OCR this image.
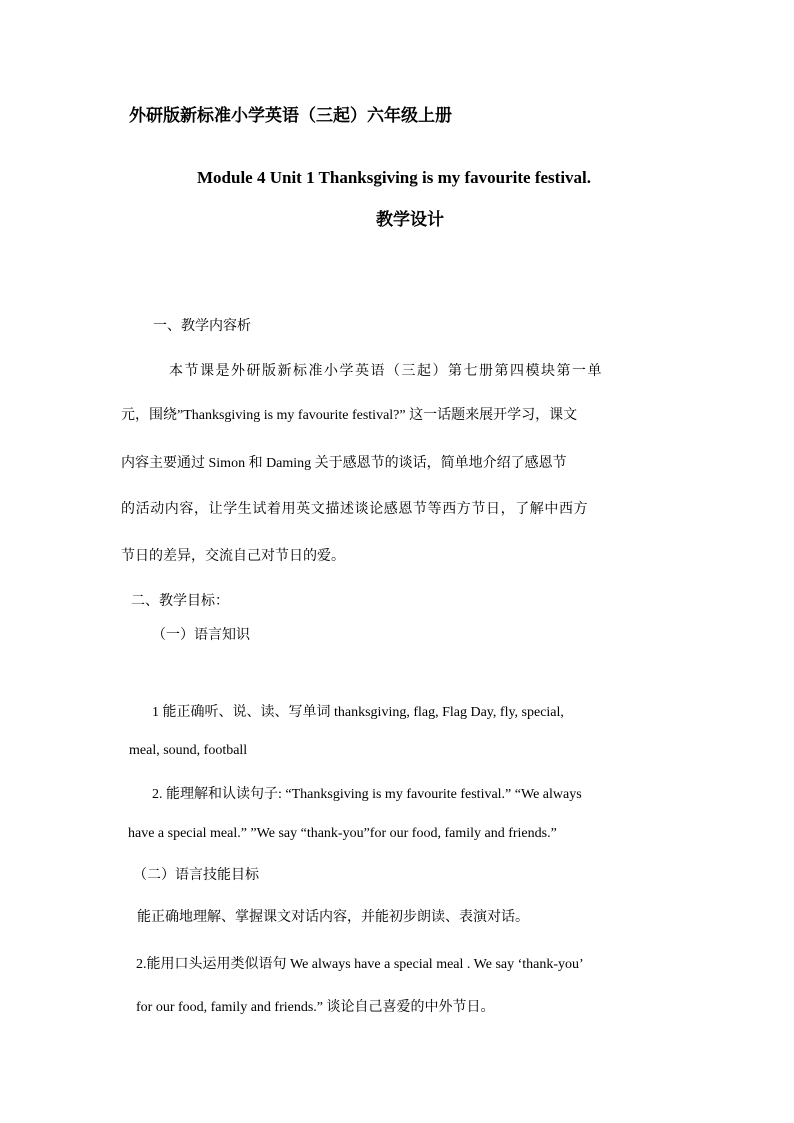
外研版新标准小学英语（三起）六年级上册
Module 4 Unit 1 Thanksgiving is my favourite festival.
教学设计
一、教学内容析
本节课是外研版新标准小学英语（三起）第七册第四模块第一单
元，围绕”Thanksgiving is my favourite festival?” 这一话题来展开学习，课文
内容主要通过 Simon 和 Daming 关于感恩节的谈话，简单地介绍了感恩节
的活动内容，让学生试着用英文描述谈论感恩节等西方节日，了解中西方
节日的差异，交流自己对节日的爱。
二、教学目标：
（一）语言知识
1 能正确听、说、读、写单词 thanksgiving, flag, Flag Day, fly, special,
meal, sound, football
2. 能理解和认读句子: “Thanksgiving is my favourite festival.” “We always
have a special meal.” ”We say “thank-you”for our food, family and friends.”
（二）语言技能目标
能正确地理解、掌握课文对话内容，并能初步朗读、表演对话。
2.能用口头运用类似语句 We always have a special meal . We say ‘thank-you’
for our food, family and friends.” 谈论自己喜爱的中外节日。
